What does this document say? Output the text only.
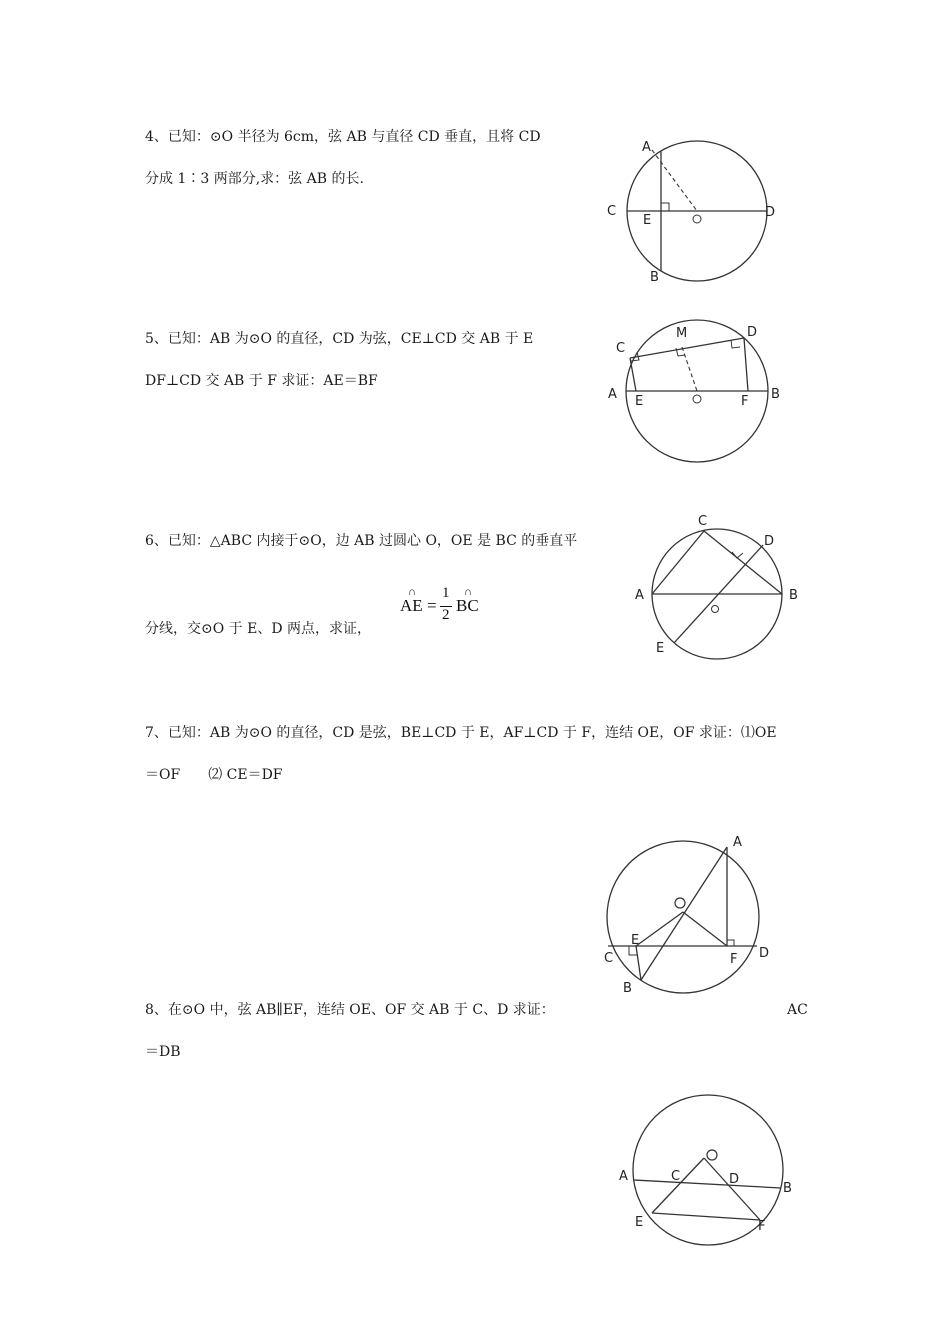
4、已知：⊙O 半径为 6cm，弦 AB 与直径 CD 垂直，且将 CD
分成 1∶3 两部分,求：弦 AB 的长.
A
B
C	D
E
5、已知：AB 为⊙O 的直径，CD 为弦，CE⊥CD 交 AB 于 E
DF⊥CD 交 AB 于 F 求证：AE＝BF
A	B
C
D
E	F
M
6、已知：△ABC 内接于⊙O，边 AB 过圆心 O，OE 是 BC 的垂直平
分线，交⊙O 于 E、D 两点，求证，
∩
AE =
1
2
∩
BC
A	B
C
D
E
7、已知：AB 为⊙O 的直径，CD 是弦，BE⊥CD 于 E，AF⊥CD 于 F，连结 OE，OF 求证：⑴OE
＝OF　　⑵ CE＝DF
A
B
C	D
E
F
8、在⊙O 中，弦 AB∥EF，连结 OE、OF 交 AB 于 C、D 求证：	AC
＝DB
A
B
C	D
E	F
